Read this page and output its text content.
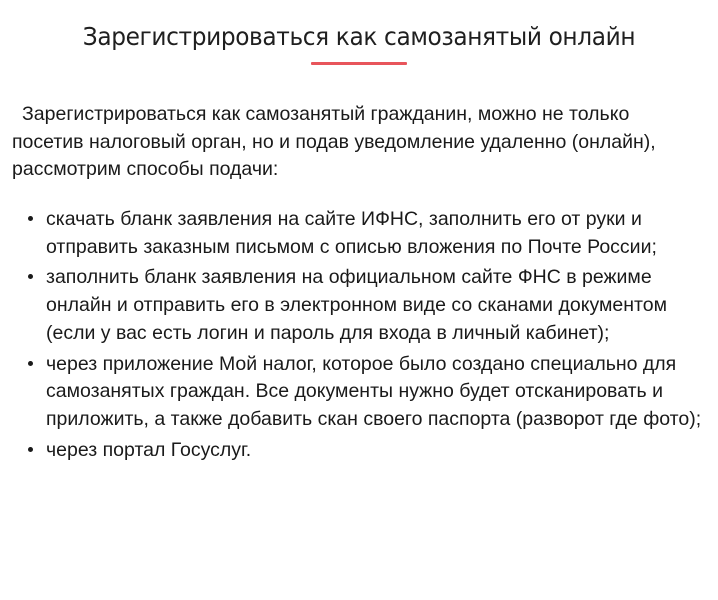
Зарегистрироваться как самозанятый онлайн

Зарегистрироваться как самозанятый гражданин, можно не только посетив налоговый орган, но и подав уведомление удаленно (онлайн), рассмотрим способы подачи:

скачать бланк заявления на сайте ИФНС, заполнить его от руки и отправить заказным письмом с описью вложения по Почте России;
заполнить бланк заявления на официальном сайте ФНС в режиме онлайн и отправить его в электронном виде со сканами документом (если у вас есть логин и пароль для входа в личный кабинет);
через приложение Мой налог, которое было создано специально для самозанятых граждан. Все документы нужно будет отсканировать и приложить, а также добавить скан своего паспорта (разворот где фото);
через портал Госуслуг.
